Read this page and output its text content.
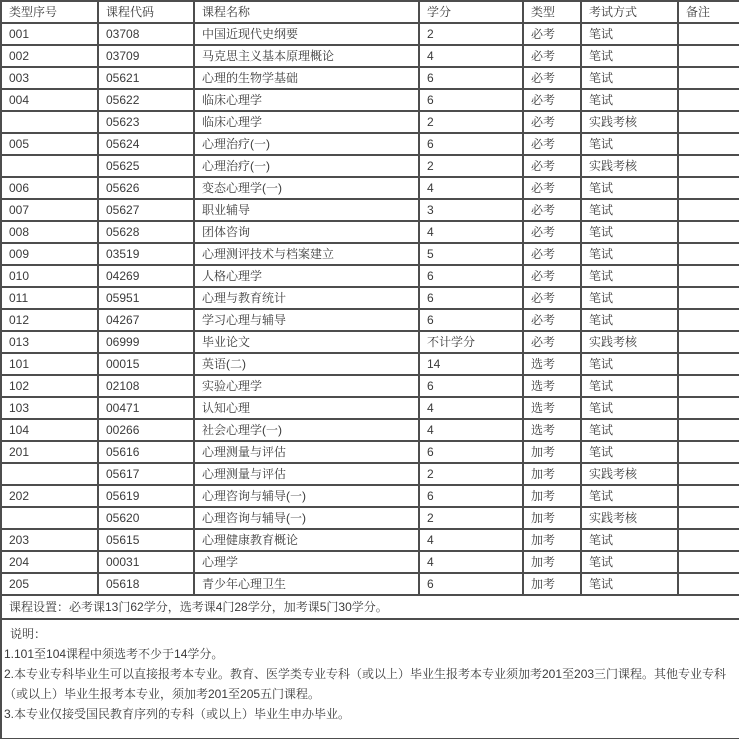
类型序号	课程代码	课程名称	学分	类型	考试方式	备注
001	03708	中国近现代史纲要	2	必考	笔试	
002	03709	马克思主义基本原理概论	4	必考	笔试	
003	05621	心理的生物学基础	6	必考	笔试	
004	05622	临床心理学	6	必考	笔试	
	05623	临床心理学	2	必考	实践考核	
005	05624	心理治疗(一)	6	必考	笔试	
	05625	心理治疗(一)	2	必考	实践考核	
006	05626	变态心理学(一)	4	必考	笔试	
007	05627	职业辅导	3	必考	笔试	
008	05628	团体咨询	4	必考	笔试	
009	03519	心理测评技术与档案建立	5	必考	笔试	
010	04269	人格心理学	6	必考	笔试	
011	05951	心理与教育统计	6	必考	笔试	
012	04267	学习心理与辅导	6	必考	笔试	
013	06999	毕业论文	不计学分	必考	实践考核	
101	00015	英语(二)	14	选考	笔试	
102	02108	实验心理学	6	选考	笔试	
103	00471	认知心理	4	选考	笔试	
104	00266	社会心理学(一)	4	选考	笔试	
201	05616	心理测量与评估	6	加考	笔试	
	05617	心理测量与评估	2	加考	实践考核	
202	05619	心理咨询与辅导(一)	6	加考	笔试	
	05620	心理咨询与辅导(一)	2	加考	实践考核	
203	05615	心理健康教育概论	4	加考	笔试	
204	00031	心理学	4	加考	笔试	
205	05618	青少年心理卫生	6	加考	笔试	
课程设置：必考课13门62学分，选考课4门28学分，加考课5门30学分。						

说明：
1.101至104课程中须选考不少于14学分。
2.本专业专科毕业生可以直接报考本专业。教育、医学类专业专科（或以上）毕业生报考本专业须加考201至203三门课程。其他专业专科（或以上）毕业生报考本专业，须加考201至205五门课程。
3.本专业仅接受国民教育序列的专科（或以上）毕业生申办毕业。						
